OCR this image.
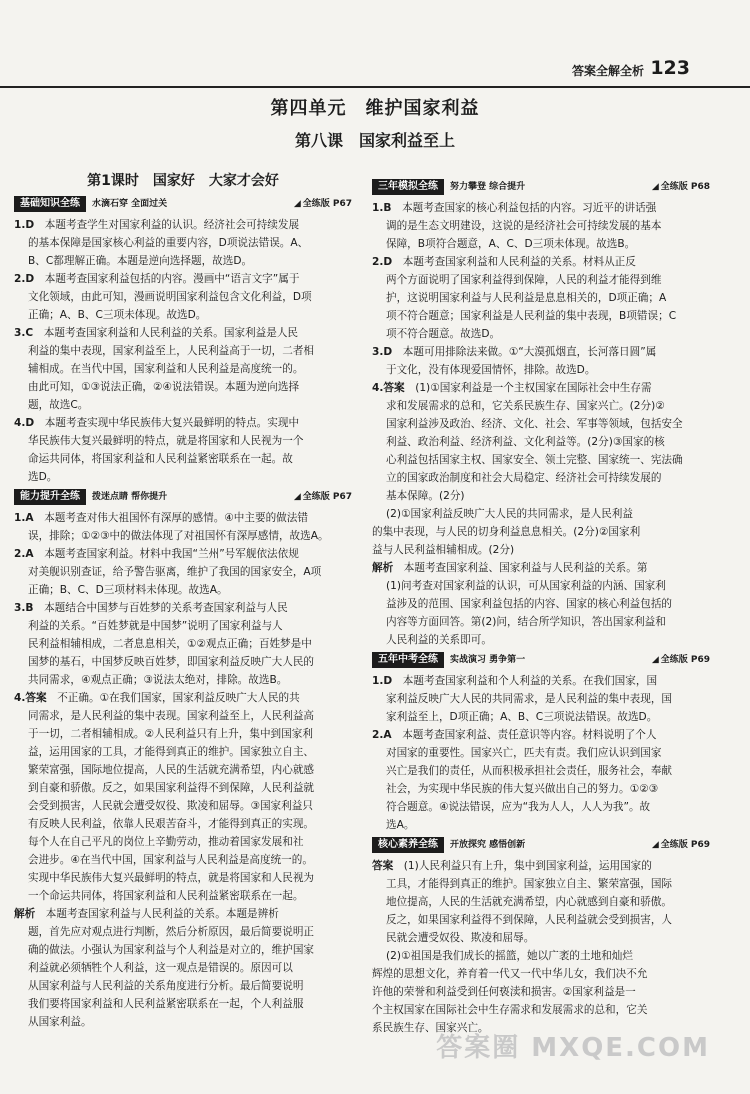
答案全解全析 123
第四单元　维护国家利益
第八课　国家利益至上
第1课时　国家好　大家才会好
基础知识全练	水滴石穿 全面过关	◢ 全练版 P67

1.D　本题考查学生对国家利益的认识。经济社会可持续发展

的基本保障是国家核心利益的重要内容，D项说法错误。A、

B、C都理解正确。本题是逆向选择题，故选D。

2.D　本题考查国家利益包括的内容。漫画中“语言文字”属于

文化领域，由此可知，漫画说明国家利益包含文化利益，D项

正确；A、B、C三项未体现。故选D。

3.C　本题考查国家利益和人民利益的关系。国家利益是人民

利益的集中表现，国家利益至上，人民利益高于一切，二者相

辅相成。在当代中国，国家利益和人民利益是高度统一的。

由此可知，①③说法正确，②④说法错误。本题为逆向选择

题，故选C。

4.D　本题考查实现中华民族伟大复兴最鲜明的特点。实现中

华民族伟大复兴最鲜明的特点，就是将国家和人民视为一个

命运共同体，将国家利益和人民利益紧密联系在一起。故

选D。

能力提升全练	拨迷点睛 帮你提升	◢ 全练版 P67

1.A　本题考查对伟大祖国怀有深厚的感情。④中主要的做法错

误，排除；①②③中的做法体现了对祖国怀有深厚感情，故选A。

2.A　本题考查国家利益。材料中我国“兰州”号军舰依法依规

对美舰识别查证，给予警告驱离，维护了我国的国家安全，A项

正确；B、C、D三项材料未体现。故选A。

3.B　本题结合中国梦与百姓梦的关系考查国家利益与人民

利益的关系。“百姓梦就是中国梦”说明了国家利益与人

民利益相辅相成，二者息息相关，①②观点正确；百姓梦是中

国梦的基石，中国梦反映百姓梦，即国家利益反映广大人民的

共同需求，④观点正确；③说法太绝对，排除。故选B。

4.答案　不正确。①在我们国家，国家利益反映广大人民的共

同需求，是人民利益的集中表现。国家利益至上，人民利益高

于一切，二者相辅相成。②人民利益只有上升，集中到国家利

益，运用国家的工具，才能得到真正的维护。国家独立自主、

繁荣富强，国际地位提高，人民的生活就充满希望，内心就感

到自豪和骄傲。反之，如果国家利益得不到保障，人民利益就

会受到损害，人民就会遭受奴役、欺凌和屈辱。③国家利益只

有反映人民利益，依靠人民艰苦奋斗，才能得到真正的实现。

每个人在自己平凡的岗位上辛勤劳动，推动着国家发展和社

会进步。④在当代中国，国家利益与人民利益是高度统一的。

实现中华民族伟大复兴最鲜明的特点，就是将国家和人民视为

一个命运共同体，将国家利益和人民利益紧密联系在一起。

解析　本题考查国家利益与人民利益的关系。本题是辨析

题，首先应对观点进行判断，然后分析原因，最后简要说明正

确的做法。小强认为国家利益与个人利益是对立的，维护国家

利益就必须牺牲个人利益，这一观点是错误的。原因可以

从国家利益与人民利益的关系角度进行分析。最后简要说明

我们要将国家利益和人民利益紧密联系在一起，个人利益服

从国家利益。

三年模拟全练	努力攀登 综合提升	◢ 全练版 P68

1.B　本题考查国家的核心利益包括的内容。习近平的讲话强

调的是生态文明建设，这说的是经济社会可持续发展的基本

保障，B项符合题意，A、C、D三项未体现。故选B。

2.D　本题考查国家利益和人民利益的关系。材料从正反

两个方面说明了国家利益得到保障，人民的利益才能得到维

护，这说明国家利益与人民利益是息息相关的，D项正确；A

项不符合题意；国家利益是人民利益的集中表现，B项错误；C

项不符合题意。故选D。

3.D　本题可用排除法来做。①“大漠孤烟直，长河落日圆”属

于文化，没有体现爱国情怀，排除。故选D。

4.答案　(1)①国家利益是一个主权国家在国际社会中生存需

求和发展需求的总和，它关系民族生存、国家兴亡。(2分)②

国家利益涉及政治、经济、文化、社会、军事等领域，包括安全

利益、政治利益、经济利益、文化利益等。(2分)③国家的核

心利益包括国家主权、国家安全、领土完整、国家统一、宪法确

立的国家政治制度和社会大局稳定、经济社会可持续发展的

基本保障。(2分)

(2)①国家利益反映广大人民的共同需求，是人民利益

的集中表现，与人民的切身利益息息相关。(2分)②国家利

益与人民利益相辅相成。(2分)

解析　本题考查国家利益、国家利益与人民利益的关系。第

(1)问考查对国家利益的认识，可从国家利益的内涵、国家利

益涉及的范围、国家利益包括的内容、国家的核心利益包括的

内容等方面回答。第(2)问，结合所学知识，答出国家利益和

人民利益的关系即可。

五年中考全练	实战演习 勇争第一	◢ 全练版 P69

1.D　本题考查国家利益和个人利益的关系。在我们国家，国

家利益反映广大人民的共同需求，是人民利益的集中表现，国

家利益至上，D项正确；A、B、C三项说法错误。故选D。

2.A　本题考查国家利益、责任意识等内容。材料说明了个人

对国家的重要性。国家兴亡，匹夫有责。我们应认识到国家

兴亡是我们的责任，从而积极承担社会责任，服务社会，奉献

社会，为实现中华民族的伟大复兴做出自己的努力。①②③

符合题意。④说法错误，应为“我为人人，人人为我”。故

选A。

核心素养全练	开放探究 感悟创新	◢ 全练版 P69

答案　(1)人民利益只有上升，集中到国家利益，运用国家的

工具，才能得到真正的维护。国家独立自主、繁荣富强，国际

地位提高，人民的生活就充满希望，内心就感到自豪和骄傲。

反之，如果国家利益得不到保障，人民利益就会受到损害，人

民就会遭受奴役、欺凌和屈辱。

(2)①祖国是我们成长的摇篮，她以广袤的土地和灿烂

辉煌的思想文化，养育着一代又一代中华儿女，我们决不允

许他的荣誉和利益受到任何亵渎和损害。②国家利益是一

个主权国家在国际社会中生存需求和发展需求的总和，它关

系民族生存、国家兴亡。

答案圈 MXQE.COM
